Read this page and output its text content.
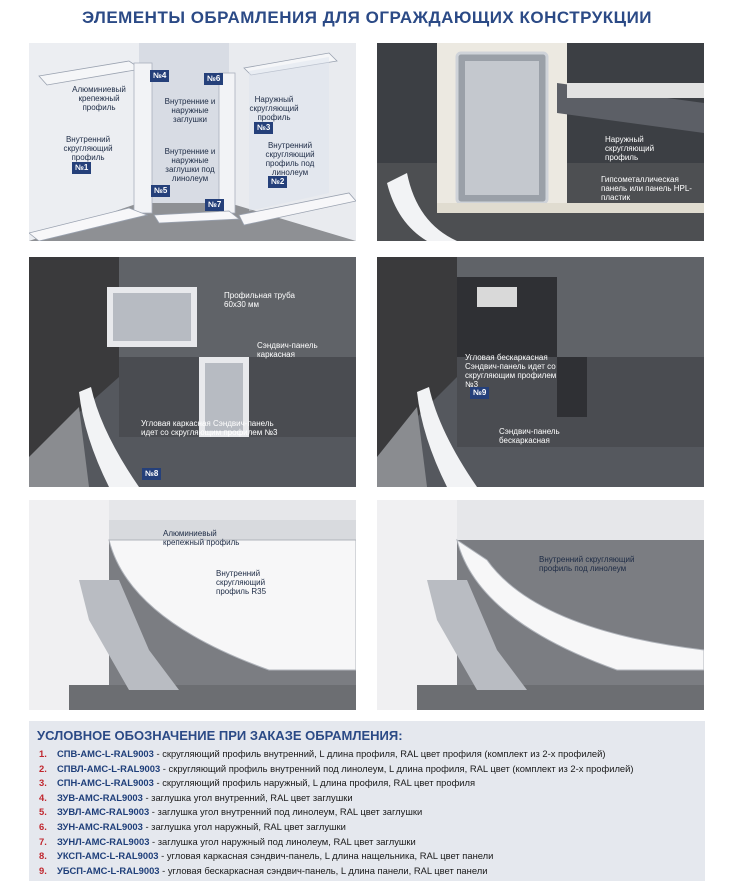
ЭЛЕМЕНТЫ ОБРАМЛЕНИЯ ДЛЯ ОГРАЖДАЮЩИХ КОНСТРУКЦИИ
№4	№6
№3
№1
№2
№5
№7
Алюминиевый крепежный профиль
Внутренние и наружные заглушки
Наружный скругляющий профиль
Внутренний скругляющий профиль
Внутренние и наружные заглушки под линолеум
Внутренний скругляющий профиль под линолеум
Наружный скругляющий профиль
Гипсометаллическая панель или панель HPL-пластик
№8
Профильная труба 60x30 мм
Сэндвич-панель каркасная
Угловая каркасная Сэндвич-панель идет со скругляющим профилем №3
№9
Угловая бескаркасная Сэндвич-панель идет со скругляющим профилем №3
Сэндвич-панель бескаркасная
Алюминиевый крепежный профиль
Внутренний скругляющий профиль R35
Внутренний скругляющий профиль под линолеум
УСЛОВНОЕ ОБОЗНАЧЕНИЕ ПРИ ЗАКАЗЕ ОБРАМЛЕНИЯ:
1. СПВ-АМС-L-RAL9003 - скругляющий профиль внутренний, L длина профиля, RAL цвет профиля (комплект из 2-х профилей)
2. СПВЛ-АМС-L-RAL9003 - скругляющий профиль внутренний под линолеум, L длина профиля, RAL цвет (комплект из 2-х профилей)
3. СПН-АМС-L-RAL9003 - скругляющий профиль наружный, L длина профиля, RAL цвет профиля
4. ЗУВ-АМС-RAL9003 - заглушка угол внутренний, RAL цвет заглушки
5. ЗУВЛ-АМС-RAL9003 - заглушка угол внутренний под линолеум, RAL цвет заглушки
6. ЗУН-АМС-RAL9003 - заглушка угол наружный, RAL цвет заглушки
7. ЗУНЛ-АМС-RAL9003 - заглушка угол наружный под линолеум, RAL цвет заглушки
8. УКСП-АМС-L-RAL9003 - угловая каркасная сэндвич-панель, L длина нащельника, RAL цвет панели
9. УБСП-АМС-L-RAL9003 - угловая бескаркасная сэндвич-панель, L длина панели, RAL цвет панели
